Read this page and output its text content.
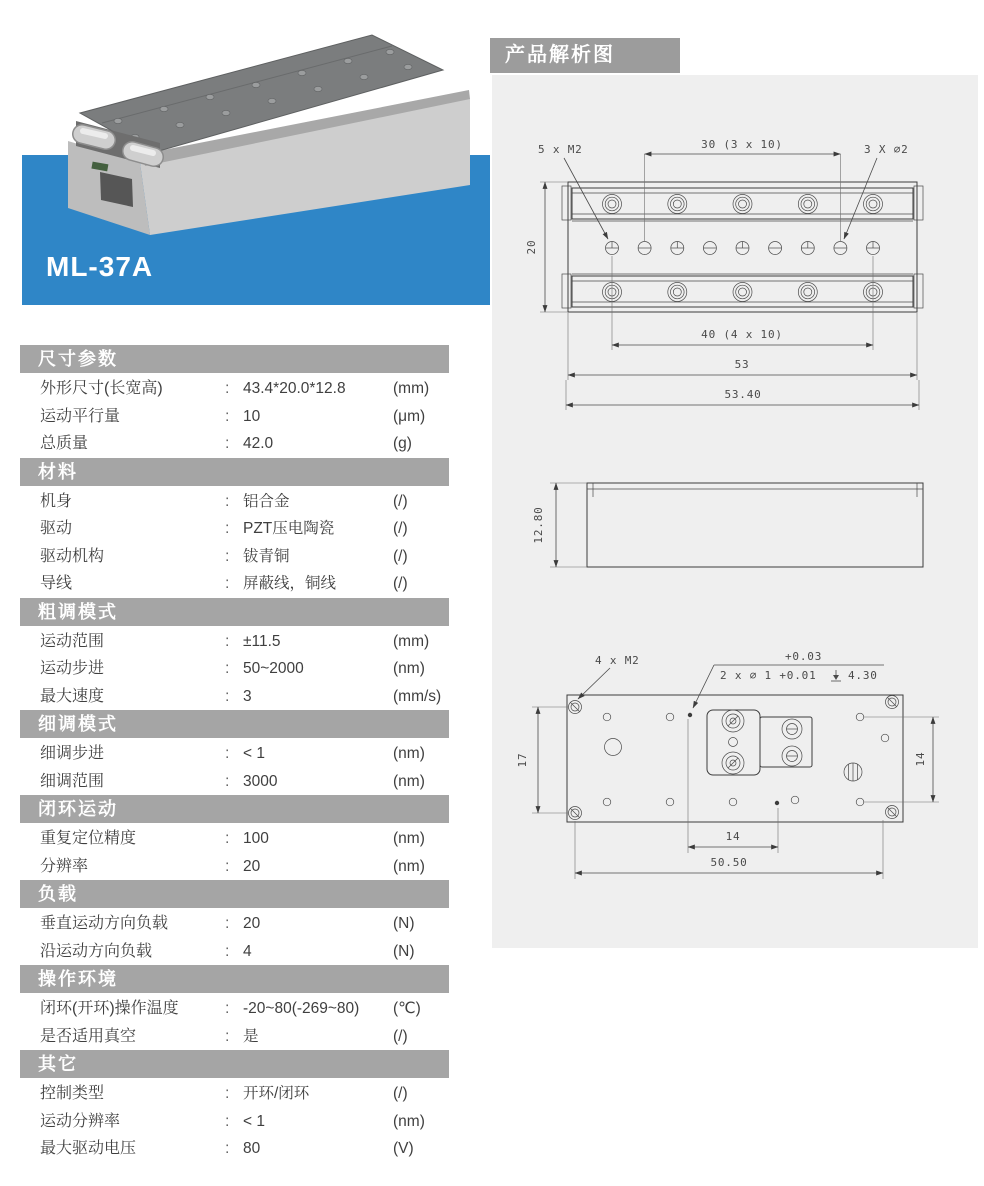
ML-37A
产品解析图
20
30 (3 x 10)
5 x M2	3 X ⌀2
40 (4 x 10)
53
53.40
12.80
4 x M2	+0.03
2 x ⌀ 1 +0.01	4.30
17	14
14
50.50
尺寸参数
外形尺寸(长宽高)	: 43.4*20.0*12.8	(mm)
运动平行量	: 10	(μm)
总质量	: 42.0	(g)
材料
机身	: 铝合金	(/)
驱动	: PZT压电陶瓷	(/)
驱动机构	: 钹青铜	(/)
导线	: 屏蔽线，铜线	(/)
粗调模式
运动范围	: ±11.5	(mm)
运动步进	: 50~2000	(nm)
最大速度	: 3	(mm/s)
细调模式
细调步进	: < 1	(nm)
细调范围	: 3000	(nm)
闭环运动
重复定位精度	: 100	(nm)
分辨率	: 20	(nm)
负载
垂直运动方向负载	: 20	(N)
沿运动方向负载	: 4	(N)
操作环境
闭环(开环)操作温度	: -20~80(-269~80)	(℃)
是否适用真空	: 是	(/)
其它
控制类型	: 开环/闭环	(/)
运动分辨率	: < 1	(nm)
最大驱动电压	: 80	(V)
